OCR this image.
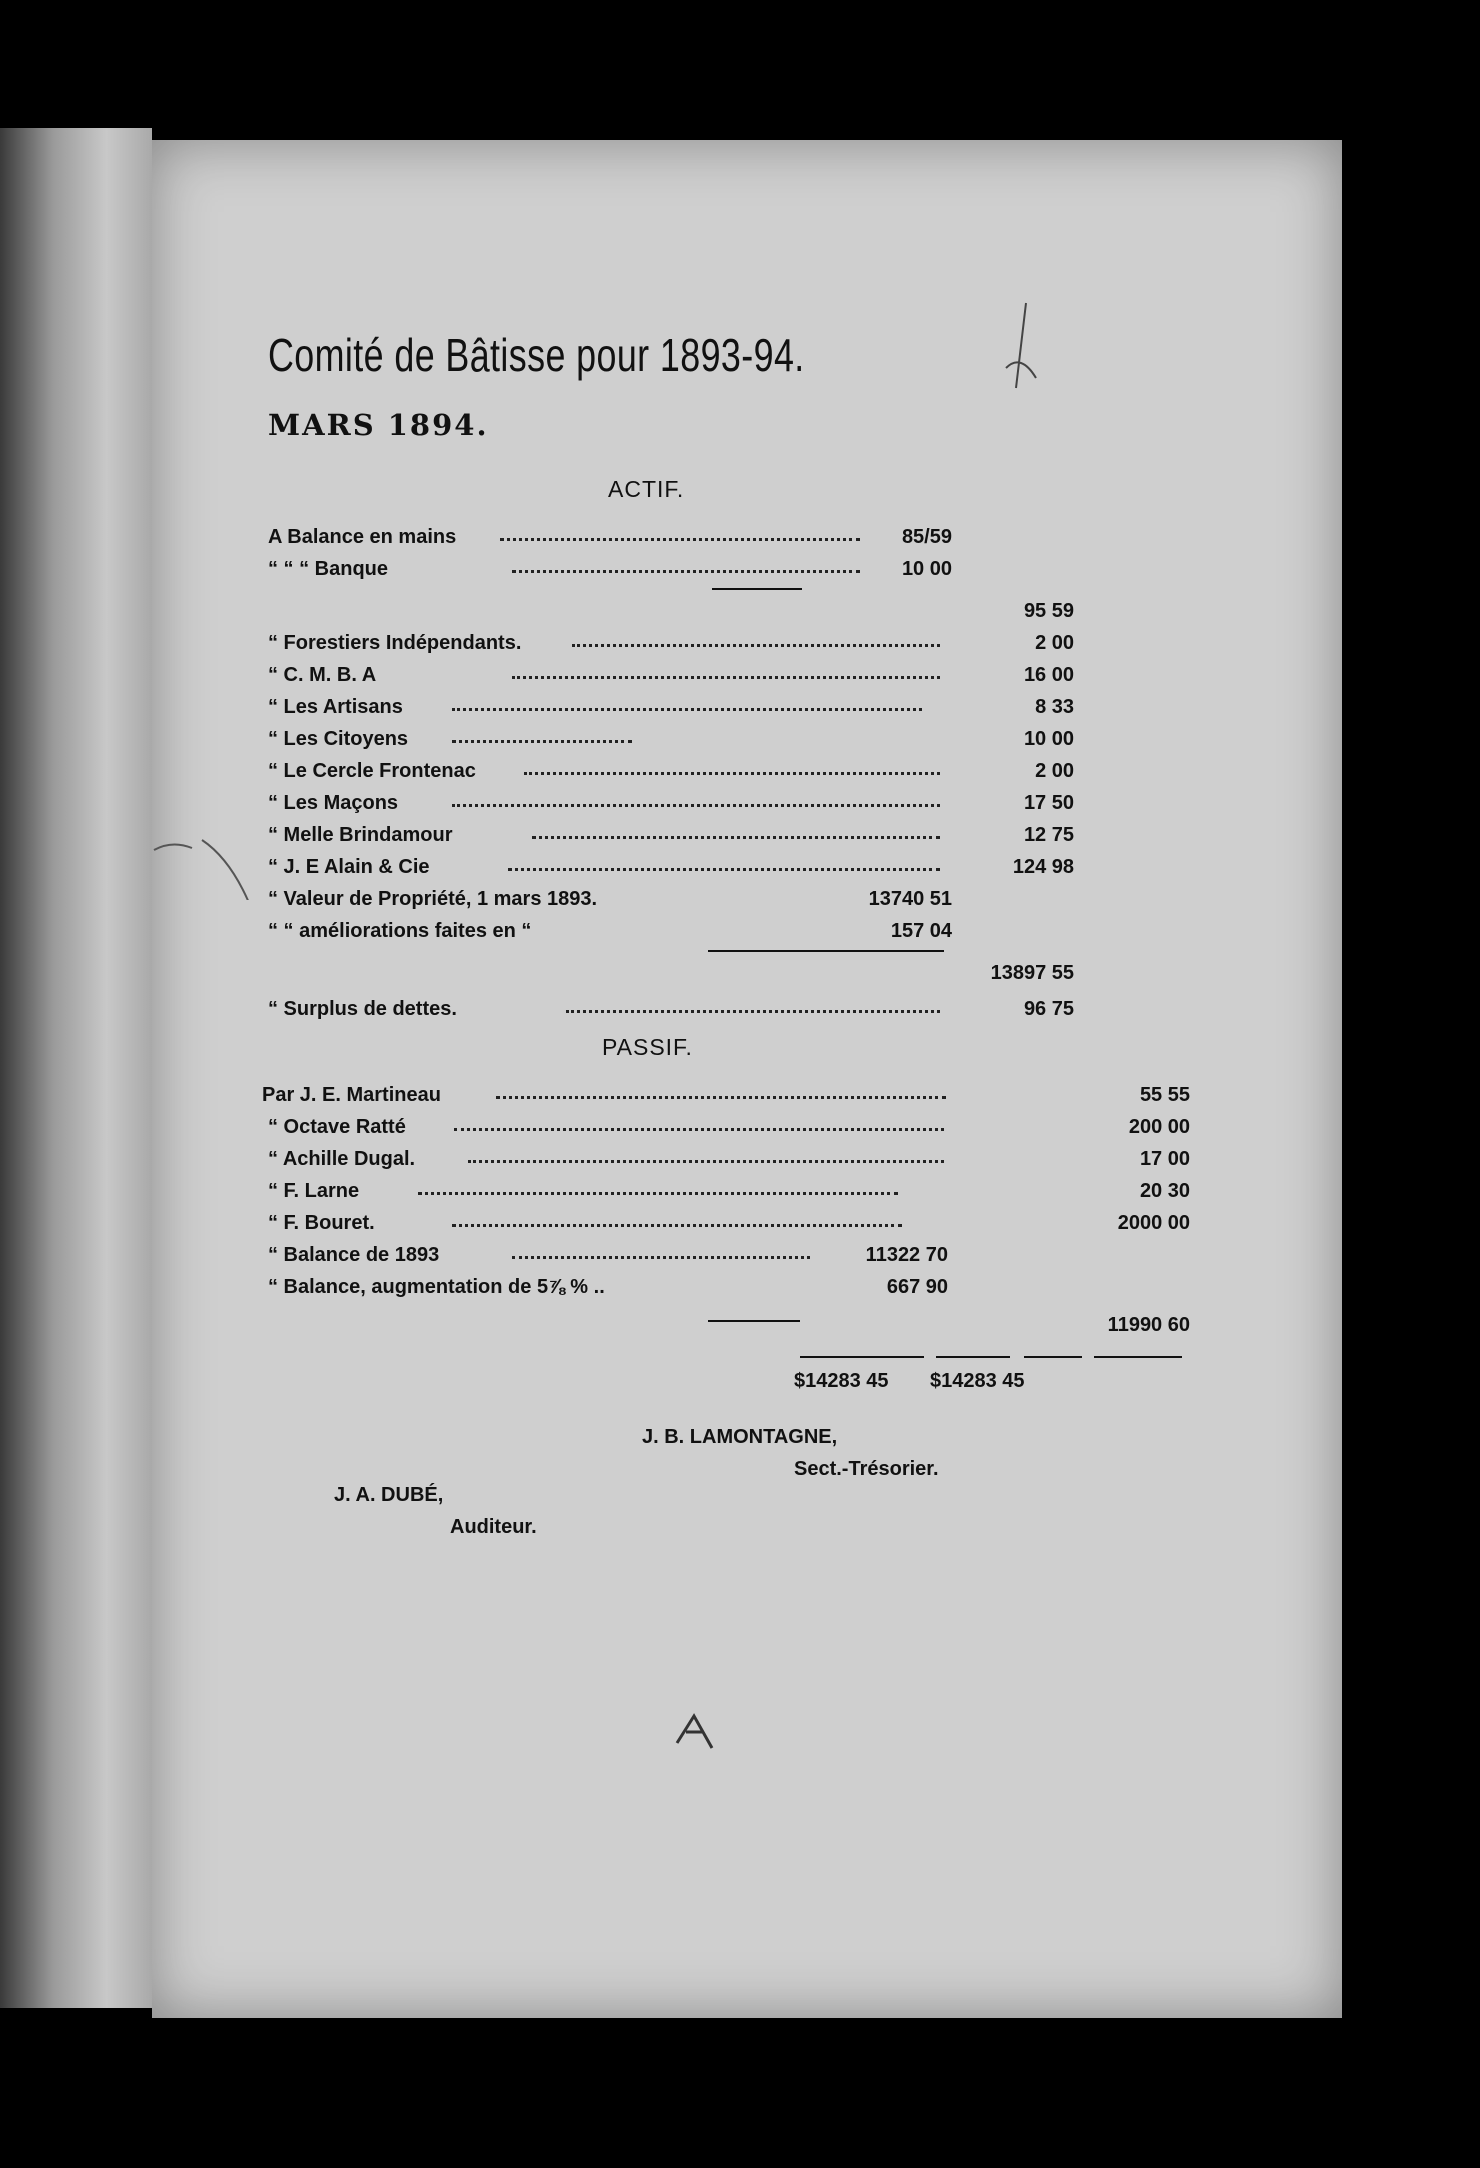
Comité de Bâtisse pour 1893-94.
MARS 1894.
ACTIF.
A Balance en mains	85/59
“ “ “ Banque	10 00
95 59
“ Forestiers Indépendants.	2 00
“ C. M. B. A	16 00
“ Les Artisans	8 33
“ Les Citoyens	10 00
“ Le Cercle Frontenac	2 00
“ Les Maçons	17 50
“ Melle Brindamour	12 75
“ J. E Alain & Cie	124 98
“ Valeur de Propriété, 1 mars 1893.	13740 51
“ “ améliorations faites en “	157 04
13897 55
“ Surplus de dettes.	96 75
PASSIF.
Par J. E. Martineau	55 55
“ Octave Ratté	200 00
“ Achille Dugal.	17 00
“ F. Larne	20 30
“ F. Bouret.	2000 00
“ Balance de 1893	11322 70
“ Balance, augmentation de 5⅞ % ..	667 90
11990 60
$14283 45 $14283 45
J. B. LAMONTAGNE,
Sect.-Trésorier.
J. A. DUBÉ,
Auditeur.
